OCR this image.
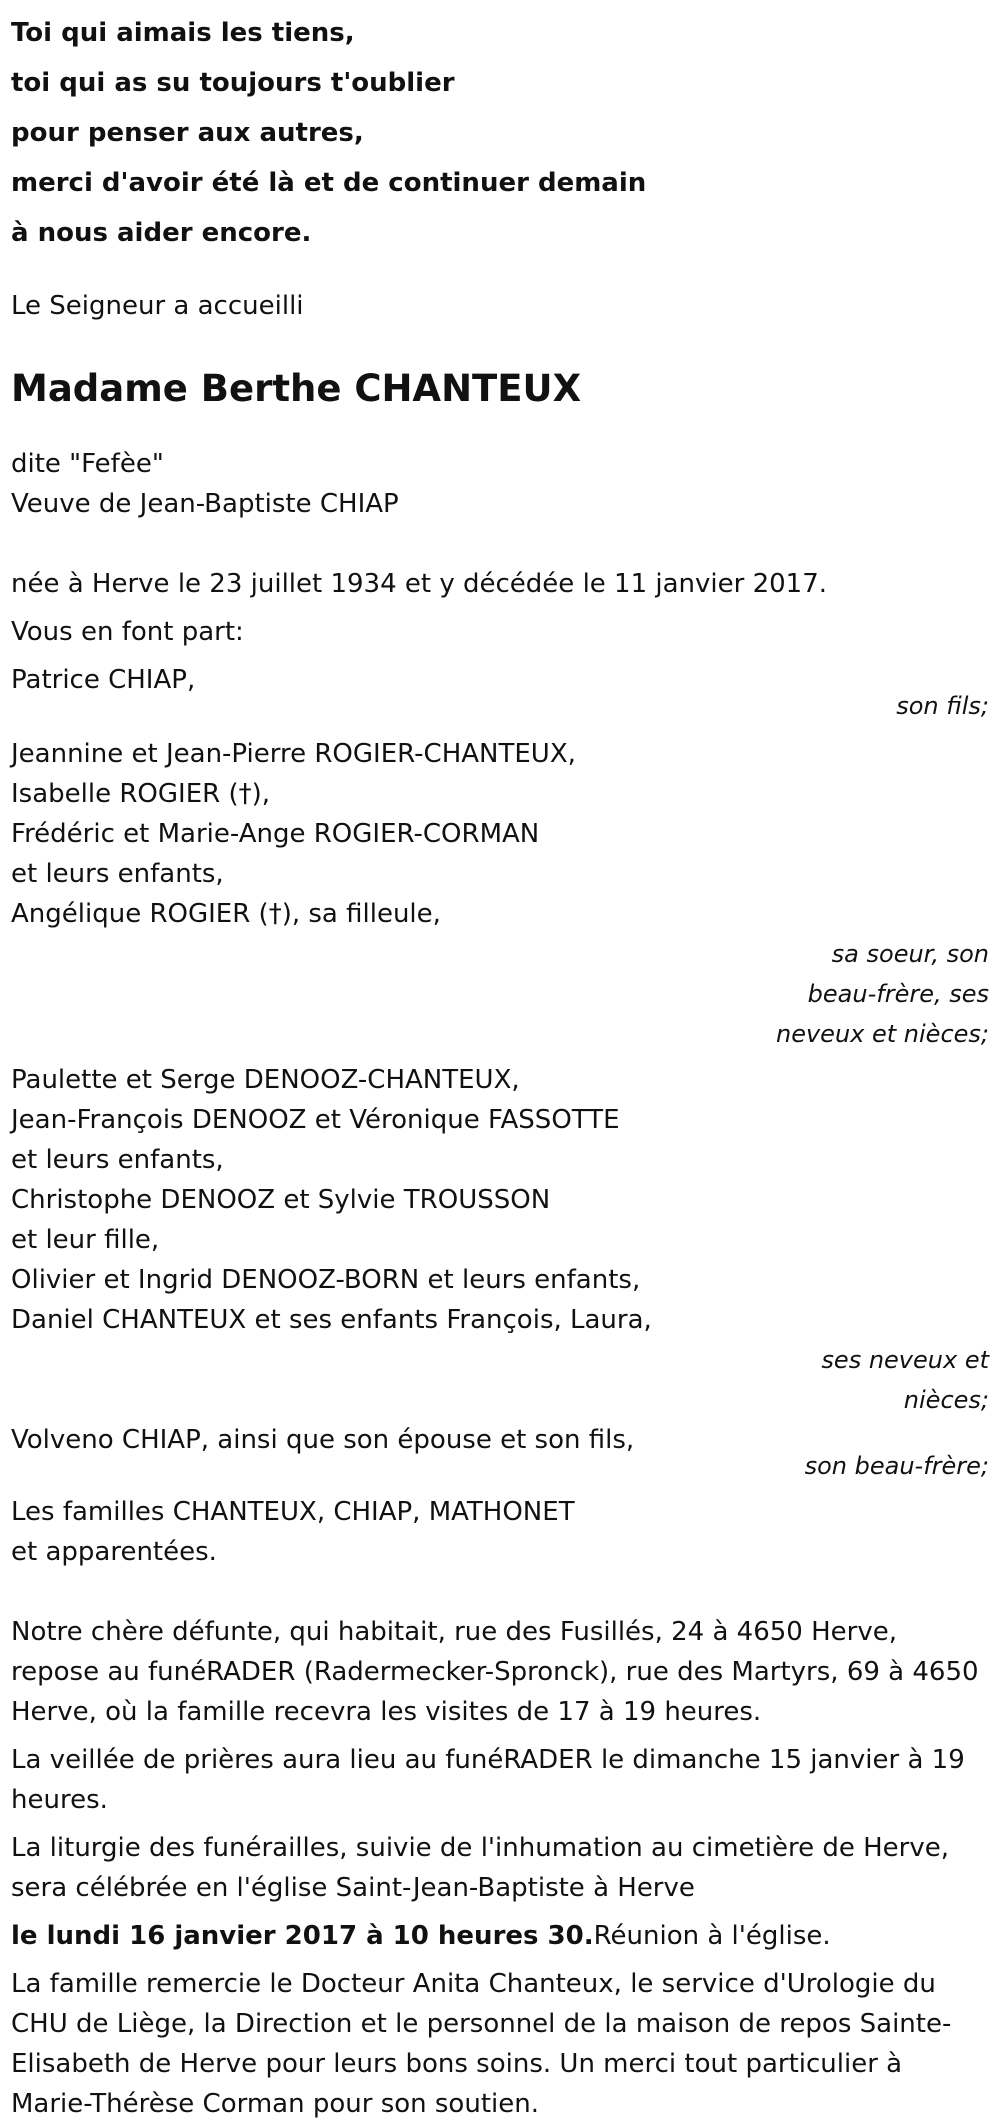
Toi qui aimais les tiens,
toi qui as su toujours t'oublier
pour penser aux autres,
merci d'avoir été là et de continuer demain
à nous aider encore.
Le Seigneur a accueilli
Madame Berthe CHANTEUX
dite "Fefèe"
Veuve de Jean-Baptiste CHIAP
née à Herve le 23 juillet 1934 et y décédée le 11 janvier 2017.
Vous en font part:
Patrice CHIAP,
son fils;
Jeannine et Jean-Pierre ROGIER-CHANTEUX,
Isabelle ROGIER (†),
Frédéric et Marie-Ange ROGIER-CORMAN
et leurs enfants,
Angélique ROGIER (†), sa filleule,
sa soeur, son
beau-frère, ses
neveux et nièces;
Paulette et Serge DENOOZ-CHANTEUX,
Jean-François DENOOZ et Véronique FASSOTTE
et leurs enfants,
Christophe DENOOZ et Sylvie TROUSSON
et leur fille,
Olivier et Ingrid DENOOZ-BORN et leurs enfants,
Daniel CHANTEUX et ses enfants François, Laura,
ses neveux et
nièces;
Volveno CHIAP, ainsi que son épouse et son fils,
son beau-frère;
Les familles CHANTEUX, CHIAP, MATHONET
et apparentées.
Notre chère défunte, qui habitait, rue des Fusillés, 24 à 4650 Herve, repose au funéRADER (Radermecker-Spronck), rue des Martyrs, 69 à 4650 Herve, où la famille recevra les visites de 17 à 19 heures.
La veillée de prières aura lieu au funéRADER le dimanche 15 janvier à 19 heures.
La liturgie des funérailles, suivie de l'inhumation au cimetière de Herve, sera célébrée en l'église Saint-Jean-Baptiste à Herve
le lundi 16 janvier 2017 à 10 heures 30.Réunion à l'église.
La famille remercie le Docteur Anita Chanteux, le service d'Urologie du CHU de Liège, la Direction et le personnel de la maison de repos Sainte-Elisabeth de Herve pour leurs bons soins. Un merci tout particulier à Marie-Thérèse Corman pour son soutien.
